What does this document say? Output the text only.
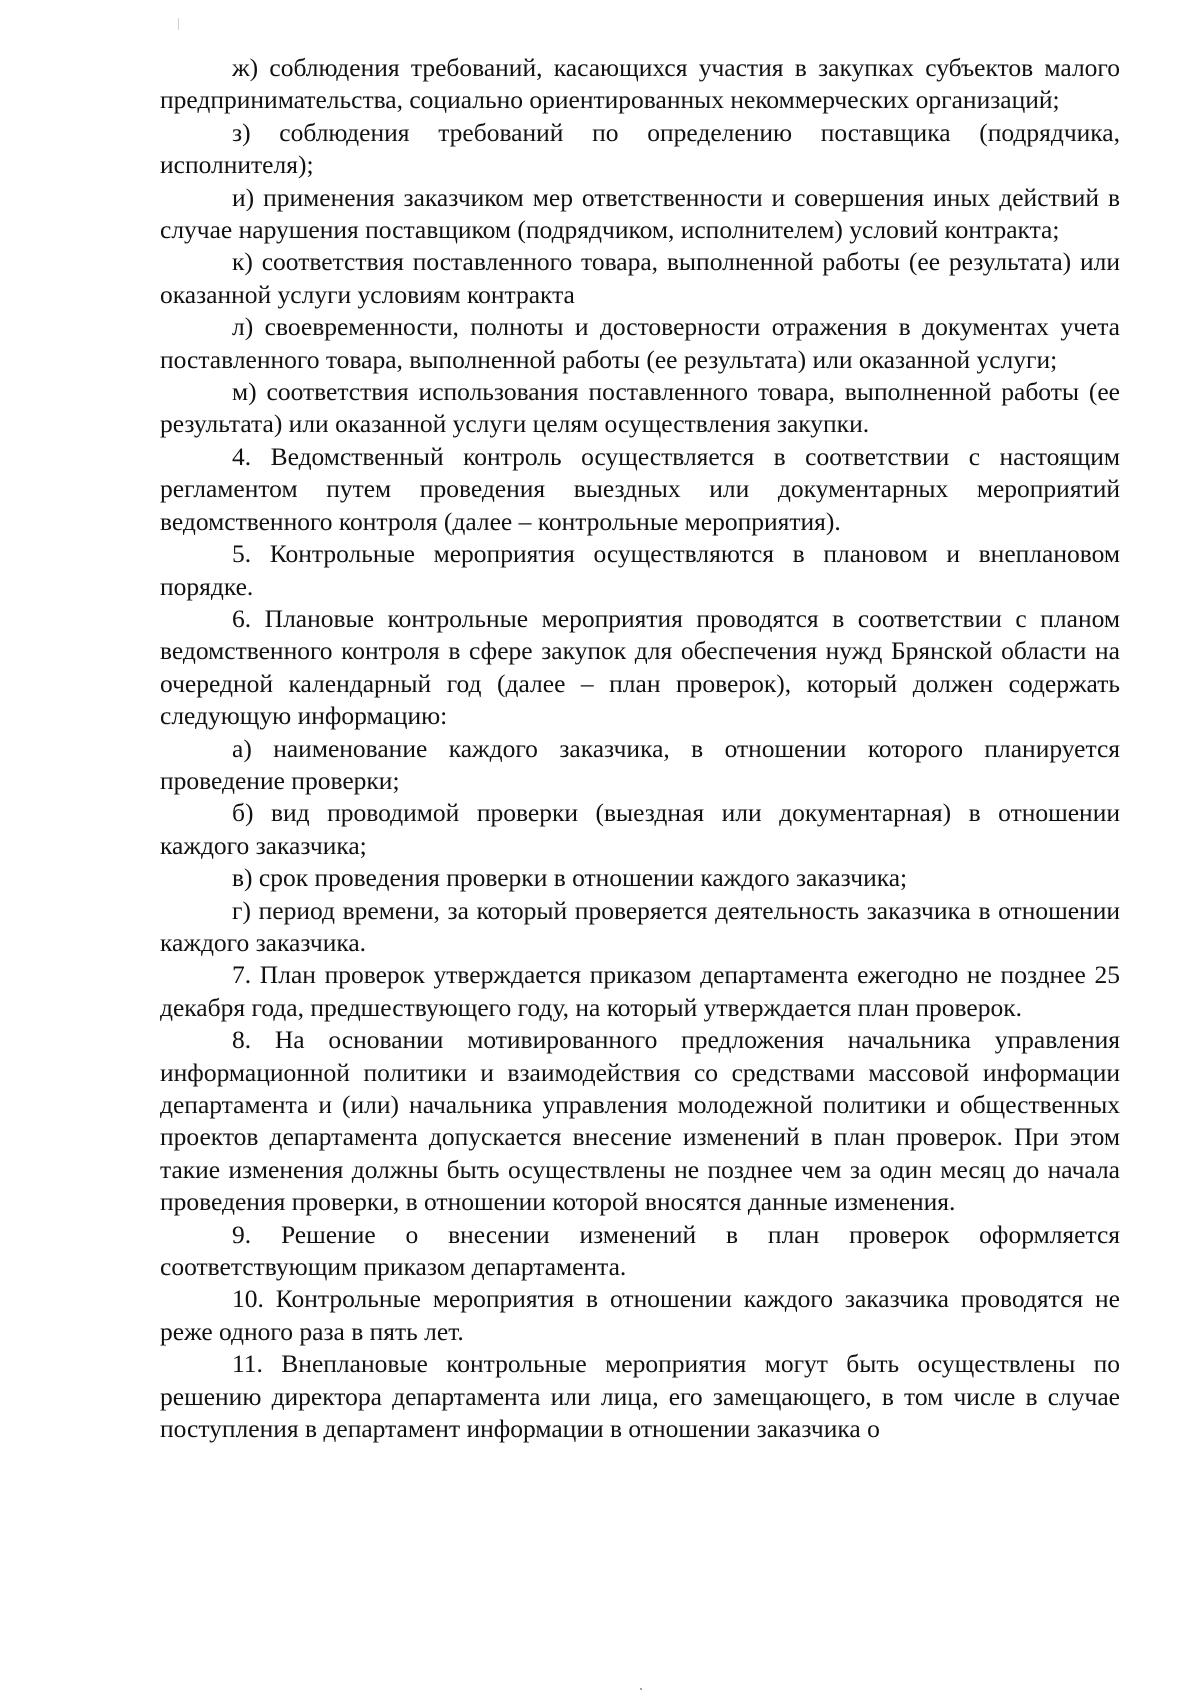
ж) соблюдения требований, касающихся участия в закупках субъектов малого предпринимательства, социально ориентированных некоммерческих организаций;

з) соблюдения требований по определению поставщика (подрядчика, исполнителя);

и) применения заказчиком мер ответственности и совершения иных действий в случае нарушения поставщиком (подрядчиком, исполнителем) условий контракта;

к) соответствия поставленного товара, выполненной работы (ее результата) или оказанной услуги условиям контракта

л) своевременности, полноты и достоверности отражения в документах учета поставленного товара, выполненной работы (ее результата) или оказанной услуги;

м) соответствия использования поставленного товара, выполненной работы (ее результата) или оказанной услуги целям осуществления закупки.

4. Ведомственный контроль осуществляется в соответствии с настоящим регламентом путем проведения выездных или документарных мероприятий ведомственного контроля (далее – контрольные мероприятия).

5. Контрольные мероприятия осуществляются в плановом и внеплановом порядке.

6. Плановые контрольные мероприятия проводятся в соответствии с планом ведомственного контроля в сфере закупок для обеспечения нужд Брянской области на очередной календарный год (далее – план проверок), который должен содержать следующую информацию:

а) наименование каждого заказчика, в отношении которого планируется проведение проверки;

б) вид проводимой проверки (выездная или документарная) в отношении каждого заказчика;

в) срок проведения проверки в отношении каждого заказчика;

г) период времени, за который проверяется деятельность заказчика в отношении каждого заказчика.

7. План проверок утверждается приказом департамента ежегодно не позднее 25 декабря года, предшествующего году, на который утверждается план проверок.

8. На основании мотивированного предложения начальника управления информационной политики и взаимодействия со средствами массовой информации департамента и (или) начальника управления молодежной политики и общественных проектов департамента допускается внесение изменений в план проверок. При этом такие изменения должны быть осуществлены не позднее чем за один месяц до начала проведения проверки, в отношении которой вносятся данные изменения.

9. Решение о внесении изменений в план проверок оформляется соответствующим приказом департамента.

10. Контрольные мероприятия в отношении каждого заказчика проводятся не реже одного раза в пять лет.

11. Внеплановые контрольные мероприятия могут быть осуществлены по решению директора департамента или лица, его замещающего, в том числе в случае поступления в департамент информации в отношении заказчика о
